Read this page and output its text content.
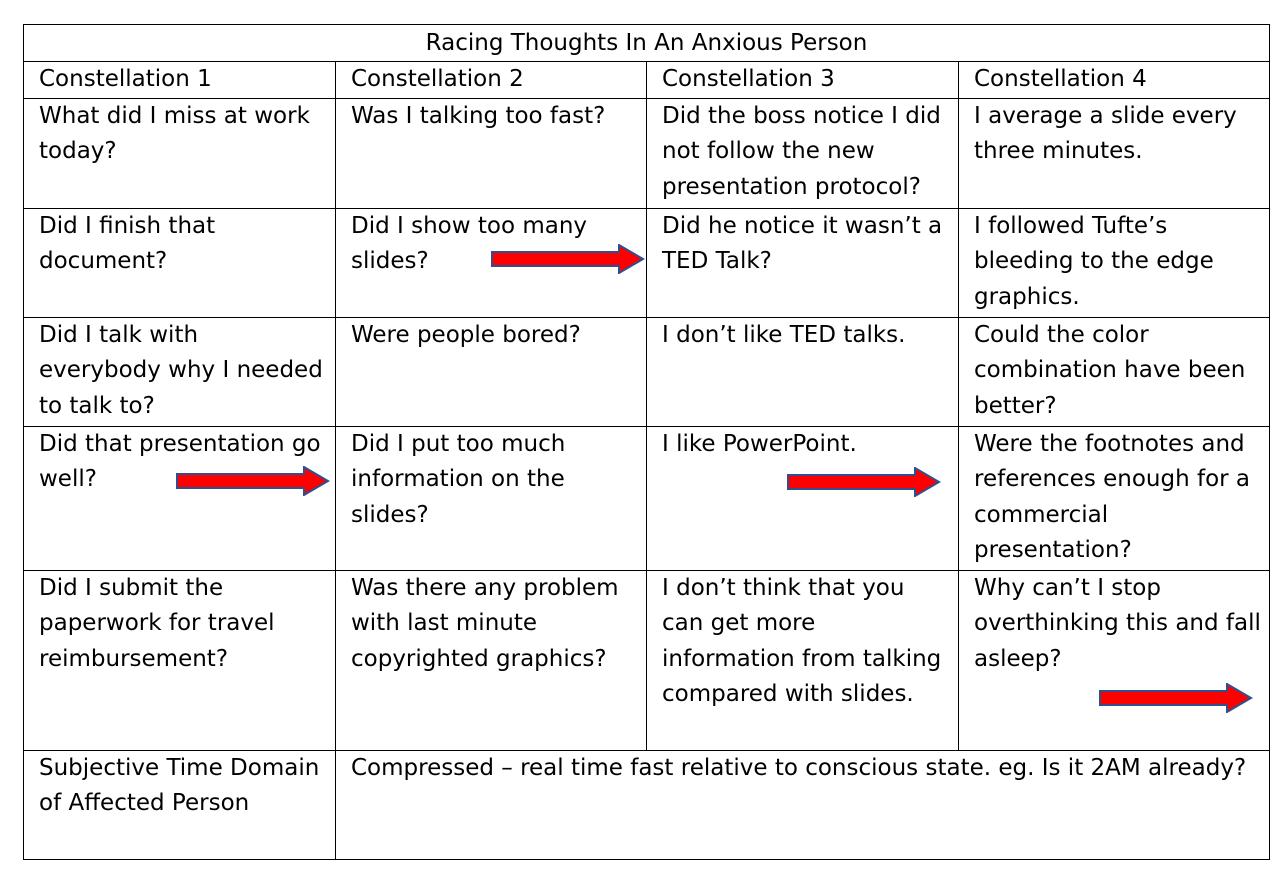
Racing Thoughts In An Anxious Person			
Constellation 1	Constellation 2	Constellation 3	Constellation 4

What did I miss at work today?	Was I talking too fast?	Did the boss notice I did not follow the new presentation protocol?	I average a slide every three minutes.

Did I finish that document?	Did I show too many slides?	Did he notice it wasn’t a TED Talk?	I followed Tufte’s bleeding to the edge graphics.

Did I talk with everybody why I needed to talk to?	Were people bored?	I don’t like TED talks.	Could the color combination have been better?

Did that presentation go well?	Did I put too much information on the slides?	I like PowerPoint.	Were the footnotes and references enough for a commercial presentation?

Did I submit the paperwork for travel reimbursement?	Was there any problem with last minute copyrighted graphics?	I don’t think that you can get more information from talking compared with slides.	Why can’t I stop overthinking this and fall asleep?

Subjective Time Domain of Affected Person	Compressed – real time fast relative to conscious state. eg. Is it 2AM already?		
